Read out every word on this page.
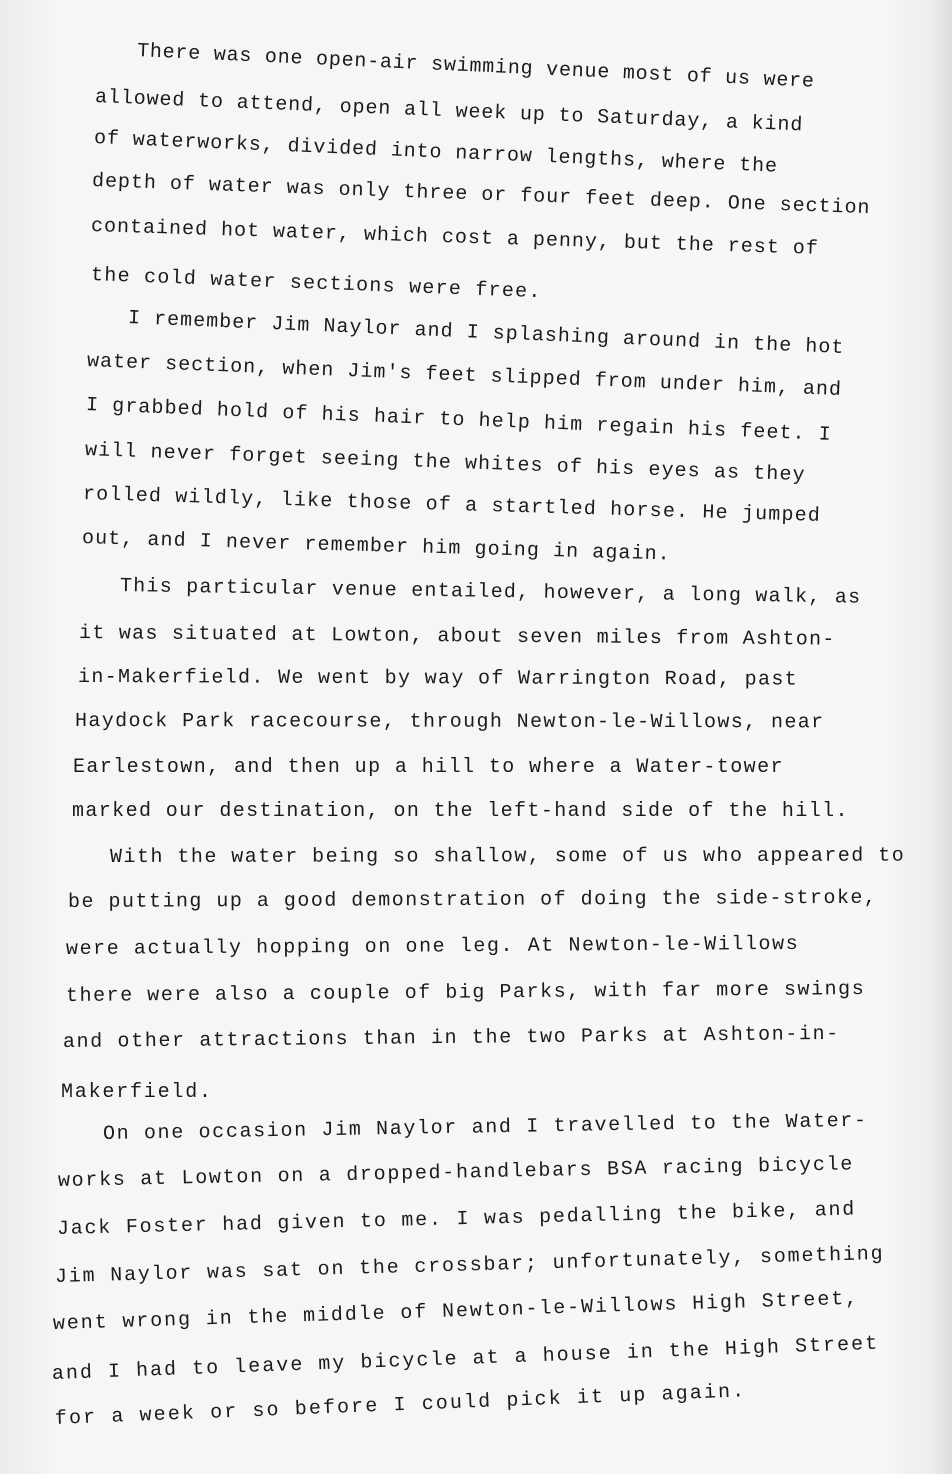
There was one open-air swimming venue most of us were
allowed to attend, open all week up to Saturday, a kind
of waterworks, divided into narrow lengths, where the
depth of water was only three or four feet deep. One section
contained hot water, which cost a penny, but the rest of
the cold water sections were free.
I remember Jim Naylor and I splashing around in the hot
water section, when Jim's feet slipped from under him, and
I grabbed hold of his hair to help him regain his feet. I
will never forget seeing the whites of his eyes as they
rolled wildly, like those of a startled horse. He jumped
out, and I never remember him going in again.
This particular venue entailed, however, a long walk, as
it was situated at Lowton, about seven miles from Ashton-
in-Makerfield. We went by way of Warrington Road, past
Haydock Park racecourse, through Newton-le-Willows, near
Earlestown, and then up a hill to where a Water-tower
marked our destination, on the left-hand side of the hill.
With the water being so shallow, some of us who appeared to
be putting up a good demonstration of doing the side-stroke,
were actually hopping on one leg. At Newton-le-Willows
there were also a couple of big Parks, with far more swings
and other attractions than in the two Parks at Ashton-in-
Makerfield.
On one occasion Jim Naylor and I travelled to the Water-
works at Lowton on a dropped-handlebars BSA racing bicycle
Jack Foster had given to me. I was pedalling the bike, and
Jim Naylor was sat on the crossbar; unfortunately, something
went wrong in the middle of Newton-le-Willows High Street,
and I had to leave my bicycle at a house in the High Street
for a week or so before I could pick it up again.
